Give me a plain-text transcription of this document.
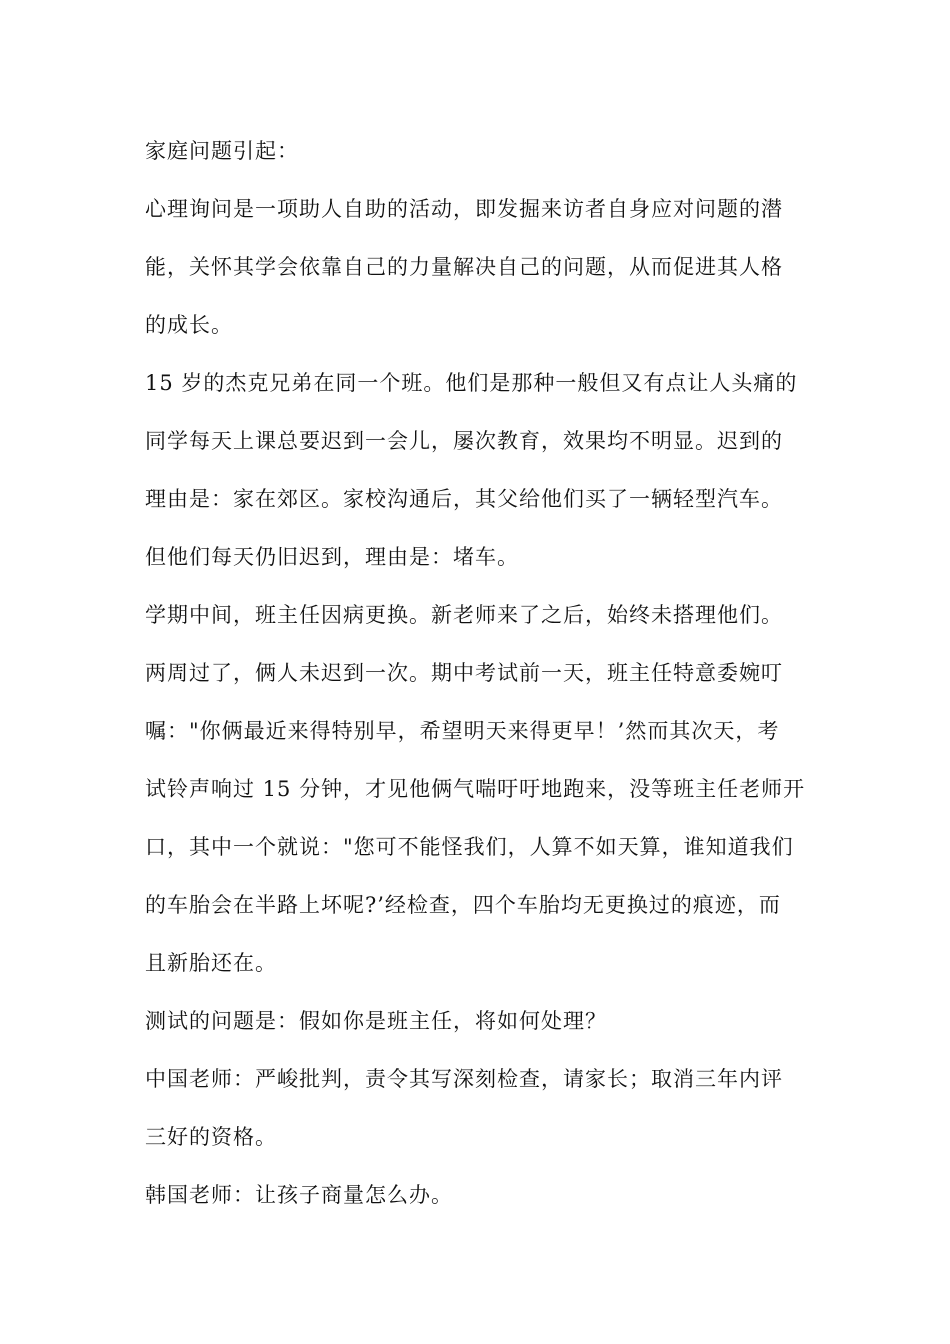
家庭问题引起：
心理询问是一项助人自助的活动，即发掘来访者自身应对问题的潜
能，关怀其学会依靠自己的力量解决自己的问题，从而促进其人格
的成长。
15 岁的杰克兄弟在同一个班。他们是那种一般但又有点让人头痛的
同学每天上课总要迟到一会儿，屡次教育，效果均不明显。迟到的
理由是：家在郊区。家校沟通后，其父给他们买了一辆轻型汽车。
但他们每天仍旧迟到，理由是：堵车。
学期中间，班主任因病更换。新老师来了之后，始终未搭理他们。
两周过了，俩人未迟到一次。期中考试前一天，班主任特意委婉叮
嘱："你俩最近来得特别早，希望明天来得更早！’然而其次天，考
试铃声响过 15 分钟，才见他俩气喘吁吁地跑来，没等班主任老师开
口，其中一个就说："您可不能怪我们，人算不如天算，谁知道我们
的车胎会在半路上坏呢?’经检查，四个车胎均无更换过的痕迹，而
且新胎还在。
测试的问题是：假如你是班主任，将如何处理？
中国老师：严峻批判，责令其写深刻检查，请家长；取消三年内评
三好的资格。
韩国老师：让孩子商量怎么办。
